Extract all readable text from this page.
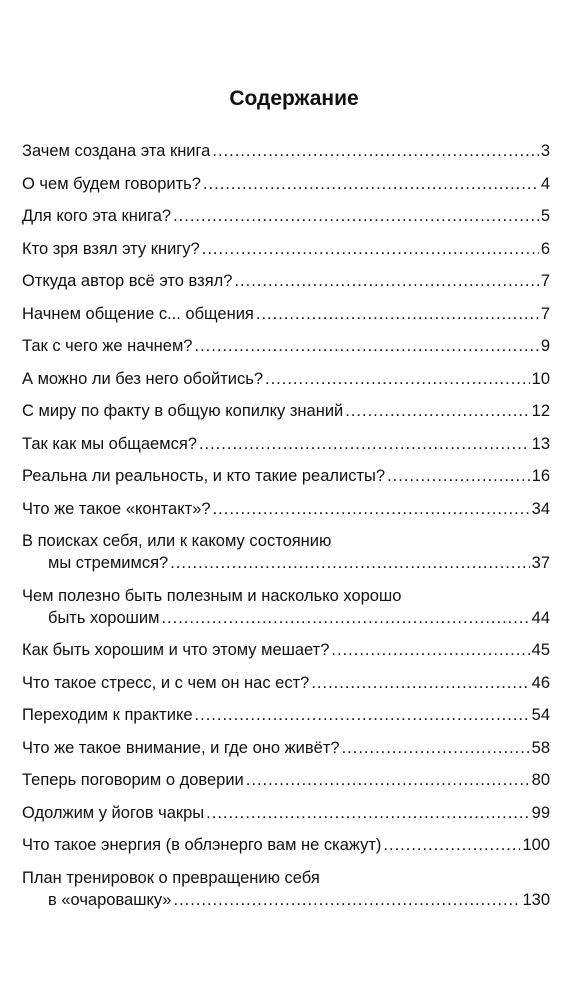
Содержание
Зачем создана эта книга .....	3
О чем будем говорить? .....	4
Для кого эта книга? .....	5
Кто зря взял эту книгу? .....	6
Откуда автор всё это взял? .....	7
Начнем общение с... общения .....	7
Так с чего же начнем? .....	9
А можно ли без него обойтись? .....	10
С миру по факту в общую копилку знаний .....	12
Так как мы общаемся? .....	13
Реальна ли реальность, и кто такие реалисты? .....	16
Что же такое «контакт»? .....	34
В поисках себя, или к какому состоянию
мы стремимся? .....	37
Чем полезно быть полезным и насколько хорошо
быть хорошим .....	44
Как быть хорошим и что этому мешает? .....	45
Что такое стресс, и с чем он нас ест? .....	46
Переходим к практике .....	54
Что же такое внимание, и где оно живёт? .....	58
Теперь поговорим о доверии .....	80
Одолжим у йогов чакры .....	99
Что такое энергия (в облэнерго вам не скажут) .....	100
План тренировок о превращению себя
в «очаровашку» .....	130
